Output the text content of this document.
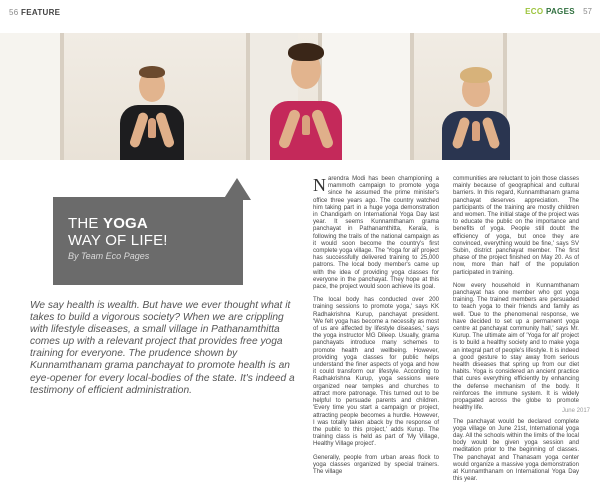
56 FEATURE	ECO PAGES 57
THE YOGA
WAY OF LIFE!
By Team Eco Pages
We say health is wealth. But have we ever thought what it takes to build a vigorous society? When we are crippling with lifestyle diseases, a small village in Pathanamthitta comes up with a relevant project that provides free yoga training for everyone. The prudence shown by Kunnamthanam grama panchayat to promote health is an eye-opener for every local-bodies of the state. It's indeed a testimony of efficient administration.

Narendra Modi has been championing a mammoth campaign to promote yoga since he assumed the prime minister's office three years ago. The country watched him taking part in a huge yoga demonstration in Chandigarh on International Yoga Day last year. It seems Kunnamthanam grama panchayat in Pathanamthitta, Kerala, is following the trails of the national campaign as it would soon become the country's first complete yoga village. The 'Yoga for all' project has successfully delivered training to 25,000 patrons. The local body member's came up with the idea of providing yoga classes for everyone in the panchayat. They hope at this pace, the project would soon achieve its goal.

The local body has conducted over 200 training sessions to promote yoga,' says KK Radhakrishna Kurup, panchayat president. 'We felt yoga has become a necessity as most of us are affected by lifestyle diseases,' says the yoga instructor MG Dileep. Usually, grama panchayats introduce many schemes to promote health and wellbeing. However, providing yoga classes for public helps understand the finer aspects of yoga and how it could transform our lifestyle. According to Radhakrishna Kurup, yoga sessions were organized near temples and churches to attract more patronage. This turned out to be helpful to persuade parents and children. 'Every time you start a campaign or project, attracting people becomes a hurdle. However, I was totally taken aback by the response of the public to this project,' adds Kurup. The training class is held as part of 'My Village, Healthy Village project'.

Generally, people from urban areas flock to yoga classes organized by special trainers. The village

communities are reluctant to join those classes mainly because of geographical and cultural barriers. In this regard, Kunnamthanam grama panchayat deserves appreciation. The participants of the training are mostly children and women. The initial stage of the project was to educate the public on the importance and benefits of yoga. People still doubt the efficiency of yoga, but once they are convinced, everything would be fine,' says SV Subin, district panchayat member. The first phase of the project finished on May 20. As of now, more than half of the population participated in training.

Now every household in Kunnamthanam panchayat has one member who got yoga training. The trained members are persuaded to teach yoga to their friends and family as well. 'Due to the phenomenal response, we have decided to set up a permanent yoga centre at panchayat community hall,' says Mr. Kurup. The ultimate aim of 'Yoga for all' project is to build a healthy society and to make yoga an integral part of people's lifestyle. It is indeed a good gesture to stay away from serious health diseases that spring up from our diet habits. Yoga is considered an ancient practice that cures everything efficiently by enhancing the defense mechanism of the body. It reinforces the immune system. It is widely propagated across the globe to promote healthy life.

The panchayat would be declared complete yoga village on June 21st, International yoga day. All the schools within the limits of the local body would be given yoga session and meditation prior to the beginning of classes. The panchayat and Thanasam yoga center would organize a massive yoga demonstration at Kunnamthanam on International Yoga Day this year.

June 2017
